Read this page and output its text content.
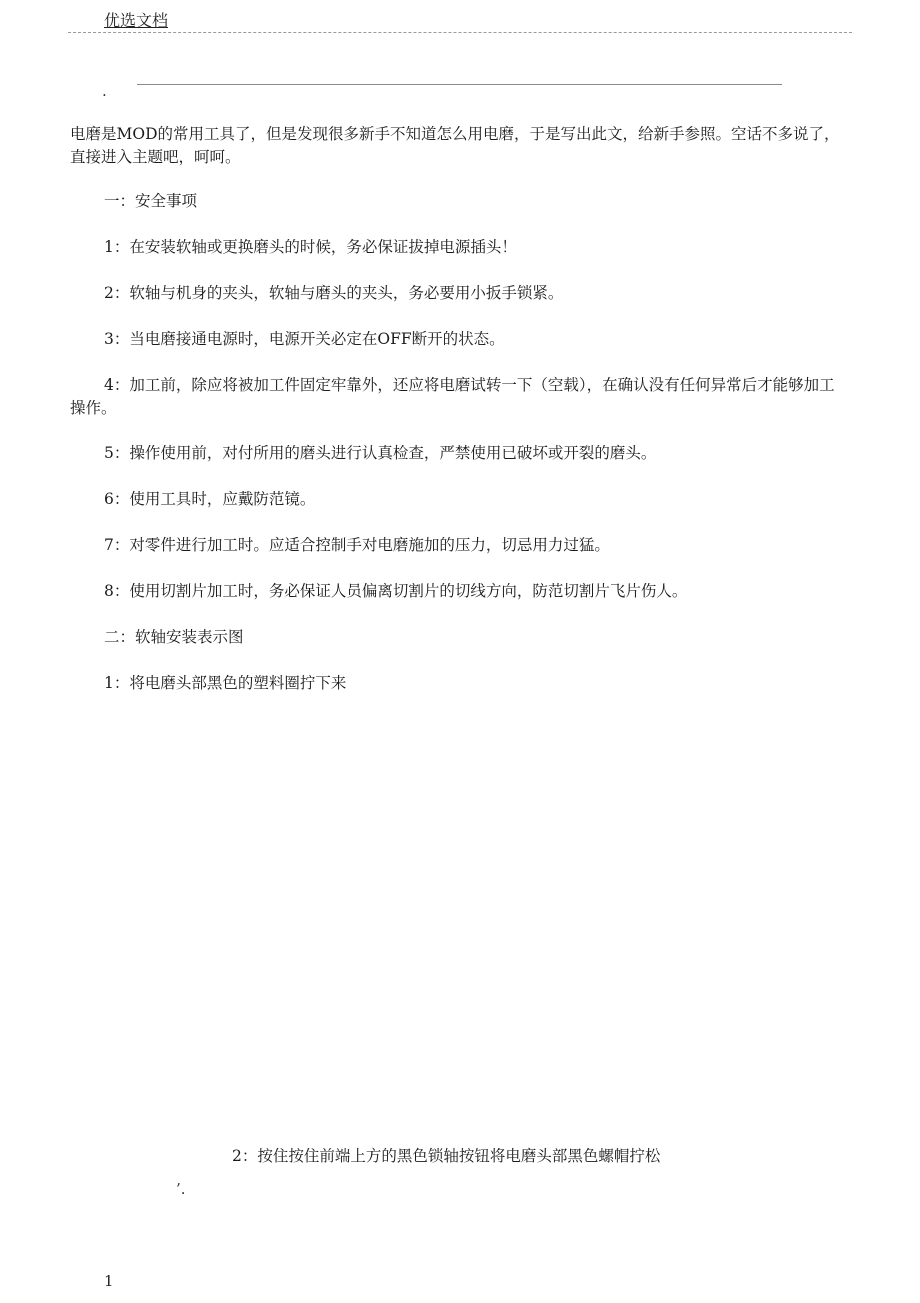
优选文档
.

电磨是MOD的常用工具了，但是发现很多新手不知道怎么用电磨，于是写出此文，给新手参照。空话不多说了，直接进入主题吧，呵呵。

一：安全事项

1：在安装软轴或更换磨头的时候，务必保证拔掉电源插头！

2：软轴与机身的夹头，软轴与磨头的夹头，务必要用小扳手锁紧。

3：当电磨接通电源时，电源开关必定在OFF断开的状态。

4：加工前，除应将被加工件固定牢靠外，还应将电磨试转一下（空载），在确认没有任何异常后才能够加工操作。

5：操作使用前，对付所用的磨头进行认真检查，严禁使用已破坏或开裂的磨头。

6：使用工具时，应戴防范镜。

7：对零件进行加工时。应适合控制手对电磨施加的压力，切忌用力过猛。

8：使用切割片加工时，务必保证人员偏离切割片的切线方向，防范切割片飞片伤人。

二：软轴安装表示图

1：将电磨头部黑色的塑料圈拧下来

2：按住按住前端上方的黑色锁轴按钮将电磨头部黑色螺帽拧松

’.
1
